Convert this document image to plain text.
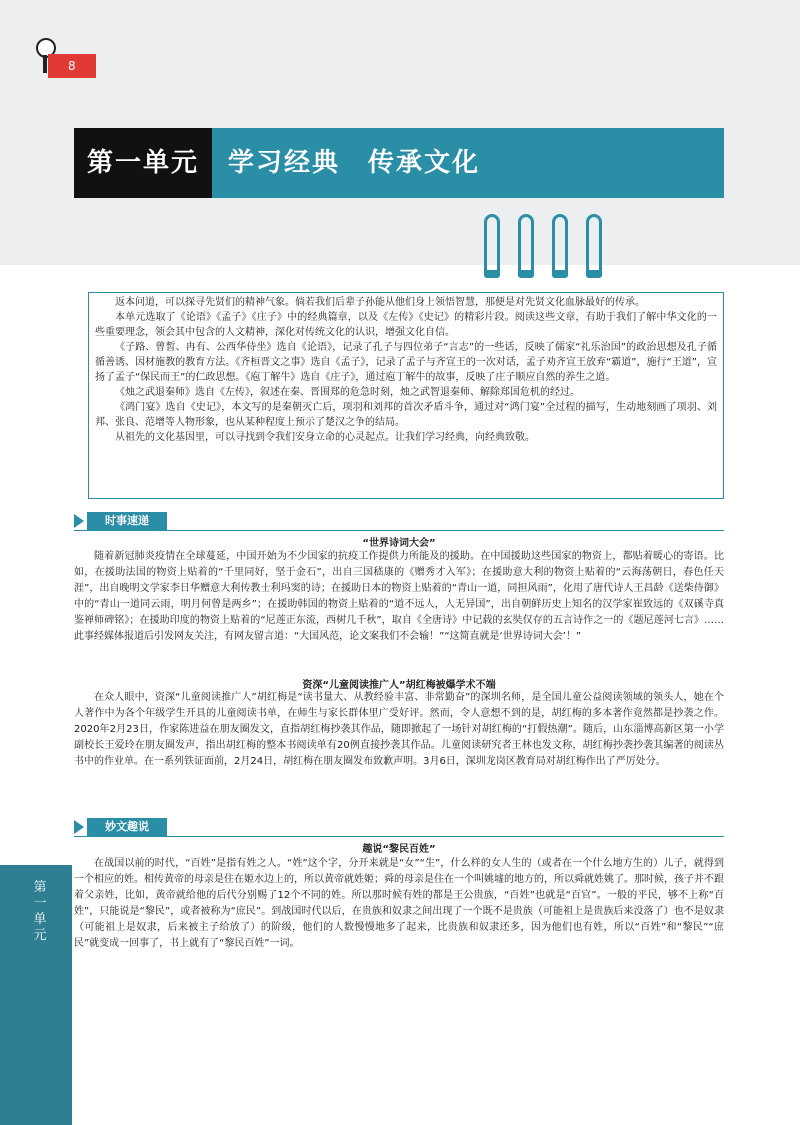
第一单元
8
第一单元	学习经典　传承文化

返本问道，可以探寻先贤们的精神气象。倘若我们后辈子孙能从他们身上领悟智慧，那便是对先贤文化血脉最好的传承。

本单元选取了《论语》《孟子》《庄子》中的经典篇章，以及《左传》《史记》的精彩片段。阅读这些文章，有助于我们了解中华文化的一些重要理念，领会其中包含的人文精神，深化对传统文化的认识，增强文化自信。

《子路、曾皙、冉有、公西华侍坐》选自《论语》，记录了孔子与四位弟子“言志”的一些话，反映了儒家“礼乐治国”的政治思想及孔子循循善诱、因材施教的教育方法。《齐桓晋文之事》选自《孟子》，记录了孟子与齐宣王的一次对话，孟子劝齐宣王放弃“霸道”，施行“王道”，宣扬了孟子“保民而王”的仁政思想。《庖丁解牛》选自《庄子》，通过庖丁解牛的故事，反映了庄子顺应自然的养生之道。

《烛之武退秦师》选自《左传》，叙述在秦、晋围郑的危急时刻，烛之武智退秦师、解除郑国危机的经过。

《鸿门宴》选自《史记》，本文写的是秦朝灭亡后，项羽和刘邦的首次矛盾斗争，通过对“鸿门宴”全过程的描写，生动地刻画了项羽、刘邦、张良、范增等人物形象，也从某种程度上预示了楚汉之争的结局。

从祖先的文化基因里，可以寻找到令我们安身立命的心灵起点。让我们学习经典，向经典致敬。

时事速递
“世界诗词大会”

随着新冠肺炎疫情在全球蔓延，中国开始为不少国家的抗疫工作提供力所能及的援助。在中国援助这些国家的物资上，都贴着暖心的寄语。比如，在援助法国的物资上贴着的“千里同好，坚于金石”，出自三国嵇康的《赠秀才入军》；在援助意大利的物资上贴着的“云海荡朝日，春色任天涯”，出自晚明文学家李日华赠意大利传教士利玛窦的诗；在援助日本的物资上贴着的“青山一道，同担风雨”，化用了唐代诗人王昌龄《送柴侍御》中的“青山一道同云雨，明月何曾是两乡”；在援助韩国的物资上贴着的“道不远人，人无异国”，出自朝鲜历史上知名的汉学家崔致远的《双磎寺真鉴禅师碑铭》；在援助印度的物资上贴着的“尼莲正东流，西树几千秋”，取自《全唐诗》中记载的玄奘仅存的五言诗作之一的《题尼莲河七言》……此事经媒体报道后引发网友关注，有网友留言道：“大国风范，论文案我们不会输！”“这简直就是‘世界诗词大会’！”

资深“儿童阅读推广人”胡红梅被爆学术不端

在众人眼中，资深“儿童阅读推广人”胡红梅是“读书量大、从教经验丰富、非常勤奋”的深圳名师，是全国儿童公益阅读领域的领头人，她在个人著作中为各个年级学生开具的儿童阅读书单，在师生与家长群体里广受好评。然而，令人意想不到的是，胡红梅的多本著作竟然都是抄袭之作。2020年2月23日，作家陈进益在朋友圈发文，直指胡红梅抄袭其作品，随即掀起了一场针对胡红梅的“打假热潮”。随后，山东淄博高新区第一小学副校长王爱玲在朋友圈发声，指出胡红梅的整本书阅读单有20例直接抄袭其作品。儿童阅读研究者王林也发文称，胡红梅抄袭抄袭其编著的阅读丛书中的作业单。在一系列铁证面前，2月24日，胡红梅在朋友圈发布致歉声明。3月6日，深圳龙岗区教育局对胡红梅作出了严厉处分。

妙文趣说
趣说“黎民百姓”

在战国以前的时代，“百姓”是指有姓之人。“姓”这个字，分开来就是“女”“生”，什么样的女人生的（或者在一个什么地方生的）儿子，就得到一个相应的姓。相传黄帝的母亲是住在姬水边上的，所以黄帝就姓姬；舜的母亲是住在一个叫姚墟的地方的，所以舜就姓姚了。那时候，孩子并不跟着父亲姓，比如，黄帝就给他的后代分别赐了12个不同的姓。所以那时候有姓的都是王公贵族，“百姓”也就是“百官”。一般的平民，够不上称“百姓”，只能说是“黎民”，或者被称为“庶民”。到战国时代以后，在贵族和奴隶之间出现了一个既不是贵族（可能祖上是贵族后来没落了）也不是奴隶（可能祖上是奴隶，后来被主子给放了）的阶级，他们的人数慢慢地多了起来，比贵族和奴隶还多，因为他们也有姓，所以“百姓”和“黎民”“庶民”就变成一回事了，书上就有了“黎民百姓”一词。
